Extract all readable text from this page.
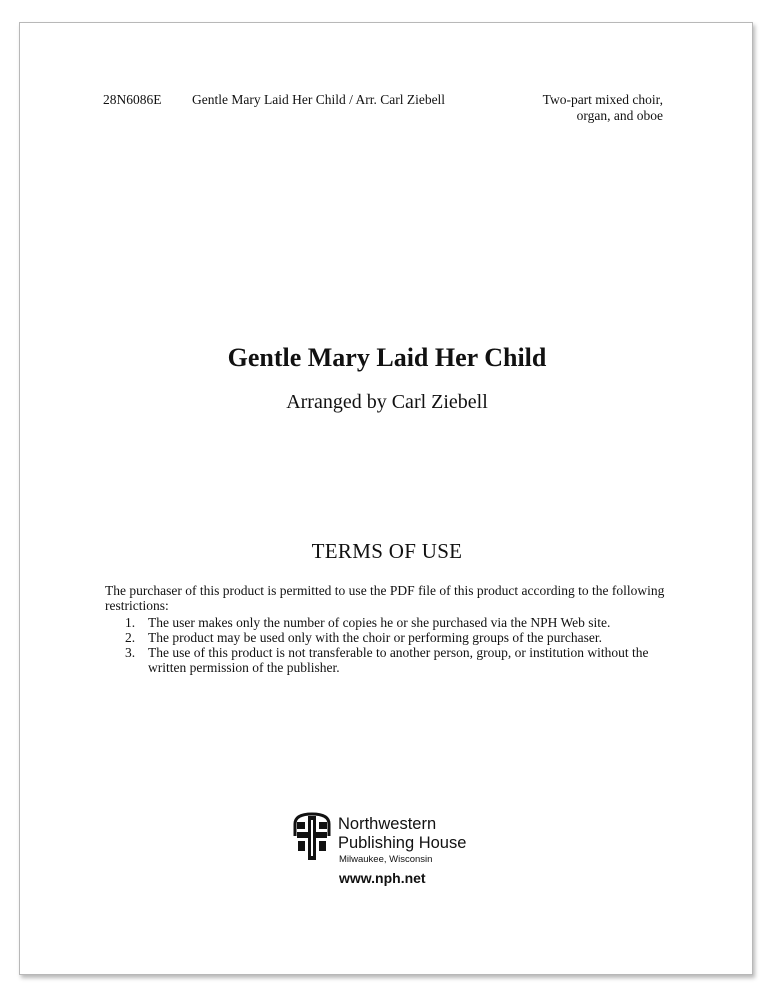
28N6086E Gentle Mary Laid Her Child / Arr. Carl Ziebell	Two-part mixed choir,
organ, and oboe
Gentle Mary Laid Her Child
Arranged by Carl Ziebell
TERMS OF USE
The purchaser of this product is permitted to use the PDF file of this product according to the following restrictions:
1. The user makes only the number of copies he or she purchased via the NPH Web site.
2. The product may be used only with the choir or performing groups of the purchaser.
3. The use of this product is not transferable to another person, group, or institution without the written permission of the publisher.
Northwestern
Publishing House
Milwaukee, Wisconsin
www.nph.net
